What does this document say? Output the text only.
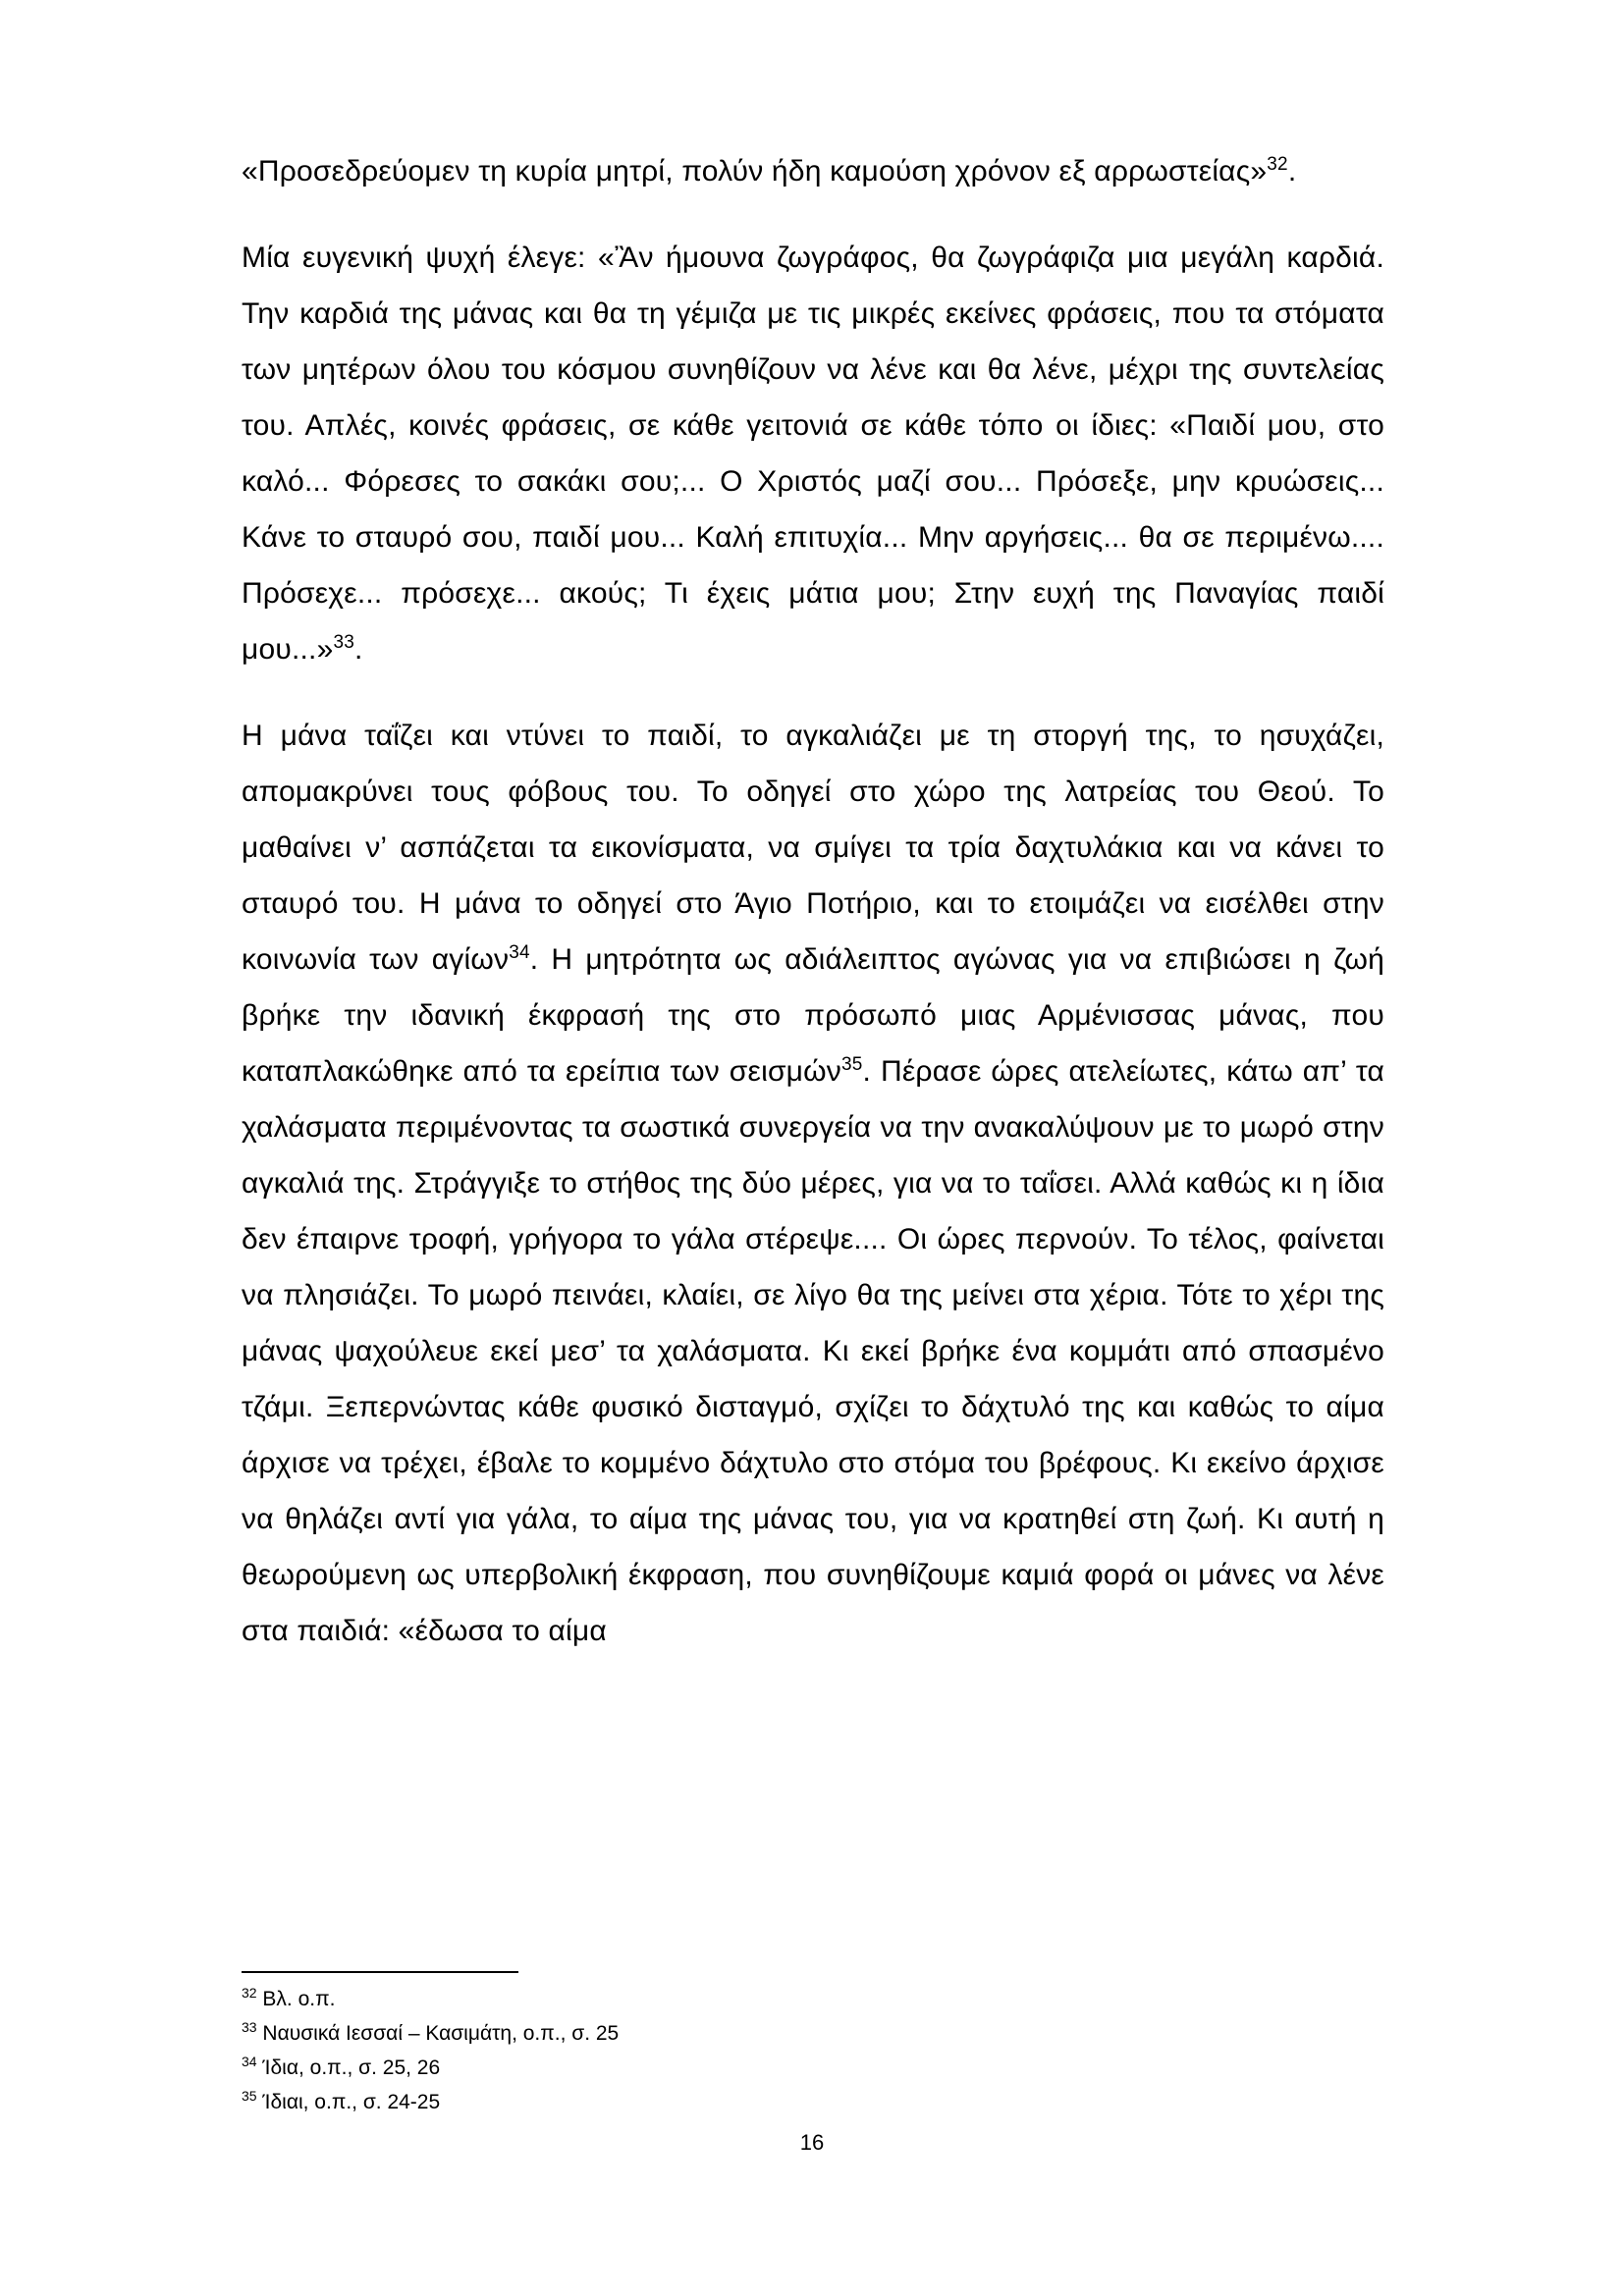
«Προσεδρεύομεν τη κυρία μητρί, πολύν ήδη καμούση χρόνον εξ αρρωστείας»$^{32}$.

Μία ευγενική ψυχή έλεγε: «Ἂν ήμουνα ζωγράφος, θα ζωγράφιζα μια μεγάλη καρδιά. Την καρδιά της μάνας και θα τη γέμιζα με τις μικρές εκείνες φράσεις, που τα στόματα των μητέρων όλου του κόσμου συνηθίζουν να λένε και θα λένε, μέχρι της συντελείας του. Απλές, κοινές φράσεις, σε κάθε γειτονιά σε κάθε τόπο οι ίδιες: «Παιδί μου, στο καλό... Φόρεσες το σακάκι σου;... Ο Χριστός μαζί σου... Πρόσεξε, μην κρυώσεις... Κάνε το σταυρό σου, παιδί μου... Καλή επιτυχία... Μην αργήσεις... θα σε περιμένω.... Πρόσεχε... πρόσεχε... ακούς; Τι έχεις μάτια μου; Στην ευχή της Παναγίας παιδί μου...»$^{33}$.

Η μάνα ταΐζει και ντύνει το παιδί, το αγκαλιάζει με τη στοργή της, το ησυχάζει, απομακρύνει τους φόβους του. Το οδηγεί στο χώρο της λατρείας του Θεού. Το μαθαίνει ν’ ασπάζεται τα εικονίσματα, να σμίγει τα τρία δαχτυλάκια και να κάνει το σταυρό του. Η μάνα το οδηγεί στο Άγιο Ποτήριο, και το ετοιμάζει να εισέλθει στην κοινωνία των αγίων$^{34}$. Η μητρότητα ως αδιάλειπτος αγώνας για να επιβιώσει η ζωή βρήκε την ιδανική έκφρασή της στο πρόσωπό μιας Αρμένισσας μάνας, που καταπλακώθηκε από τα ερείπια των σεισμών$^{35}$. Πέρασε ώρες ατελείωτες, κάτω απ’ τα χαλάσματα περιμένοντας τα σωστικά συνεργεία να την ανακαλύψουν με το μωρό στην αγκαλιά της. Στράγγιξε το στήθος της δύο μέρες, για να το ταΐσει. Αλλά καθώς κι η ίδια δεν έπαιρνε τροφή, γρήγορα το γάλα στέρεψε.... Οι ώρες περνούν. Το τέλος, φαίνεται να πλησιάζει. Το μωρό πεινάει, κλαίει, σε λίγο θα της μείνει στα χέρια. Τότε το χέρι της μάνας ψαχούλευε εκεί μεσ’ τα χαλάσματα. Κι εκεί βρήκε ένα κομμάτι από σπασμένο τζάμι. Ξεπερνώντας κάθε φυσικό δισταγμό, σχίζει το δάχτυλό της και καθώς το αίμα άρχισε να τρέχει, έβαλε το κομμένο δάχτυλο στο στόμα του βρέφους. Κι εκείνο άρχισε να θηλάζει αντί για γάλα, το αίμα της μάνας του, για να κρατηθεί στη ζωή. Κι αυτή η θεωρούμενη ως υπερβολική έκφραση, που συνηθίζουμε καμιά φορά οι μάνες να λένε στα παιδιά: «έδωσα το αίμα

$^{32}$ Βλ. ο.π.
$^{33}$ Ναυσικά Ιεσσαί – Κασιμάτη, ο.π., σ. 25
$^{34}$ Ίδια, ο.π., σ. 25, 26
$^{35}$ Ίδιαι, ο.π., σ. 24-25
16
